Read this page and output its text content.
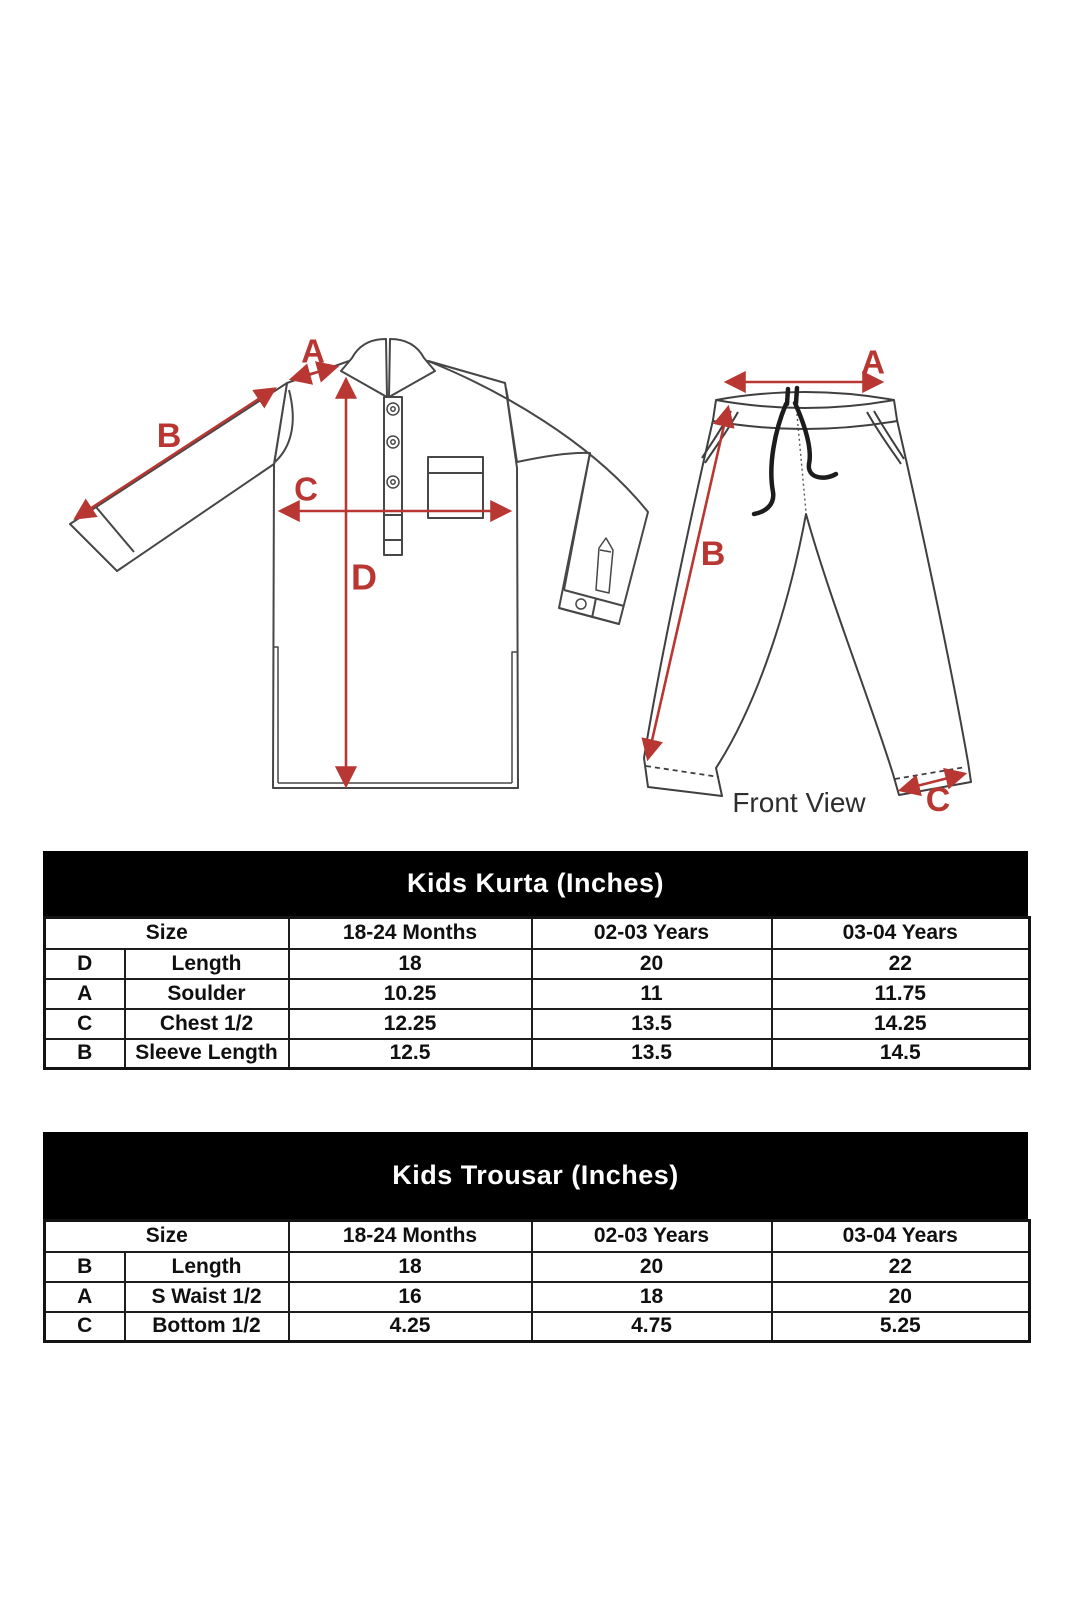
A
B
C
D
A
B
C
Front View
Kids Kurta (Inches)
Size		18-24 Months	02-03 Years	03-04 Years
D	Length	18	20	22
A	Soulder	10.25	11	11.75
C	Chest 1/2	12.25	13.5	14.25
B	Sleeve Length	12.5	13.5	14.5
Kids Trousar (Inches)
Size		18-24 Months	02-03 Years	03-04 Years
B	Length	18	20	22
A	S Waist 1/2	16	18	20
C	Bottom 1/2	4.25	4.75	5.25
